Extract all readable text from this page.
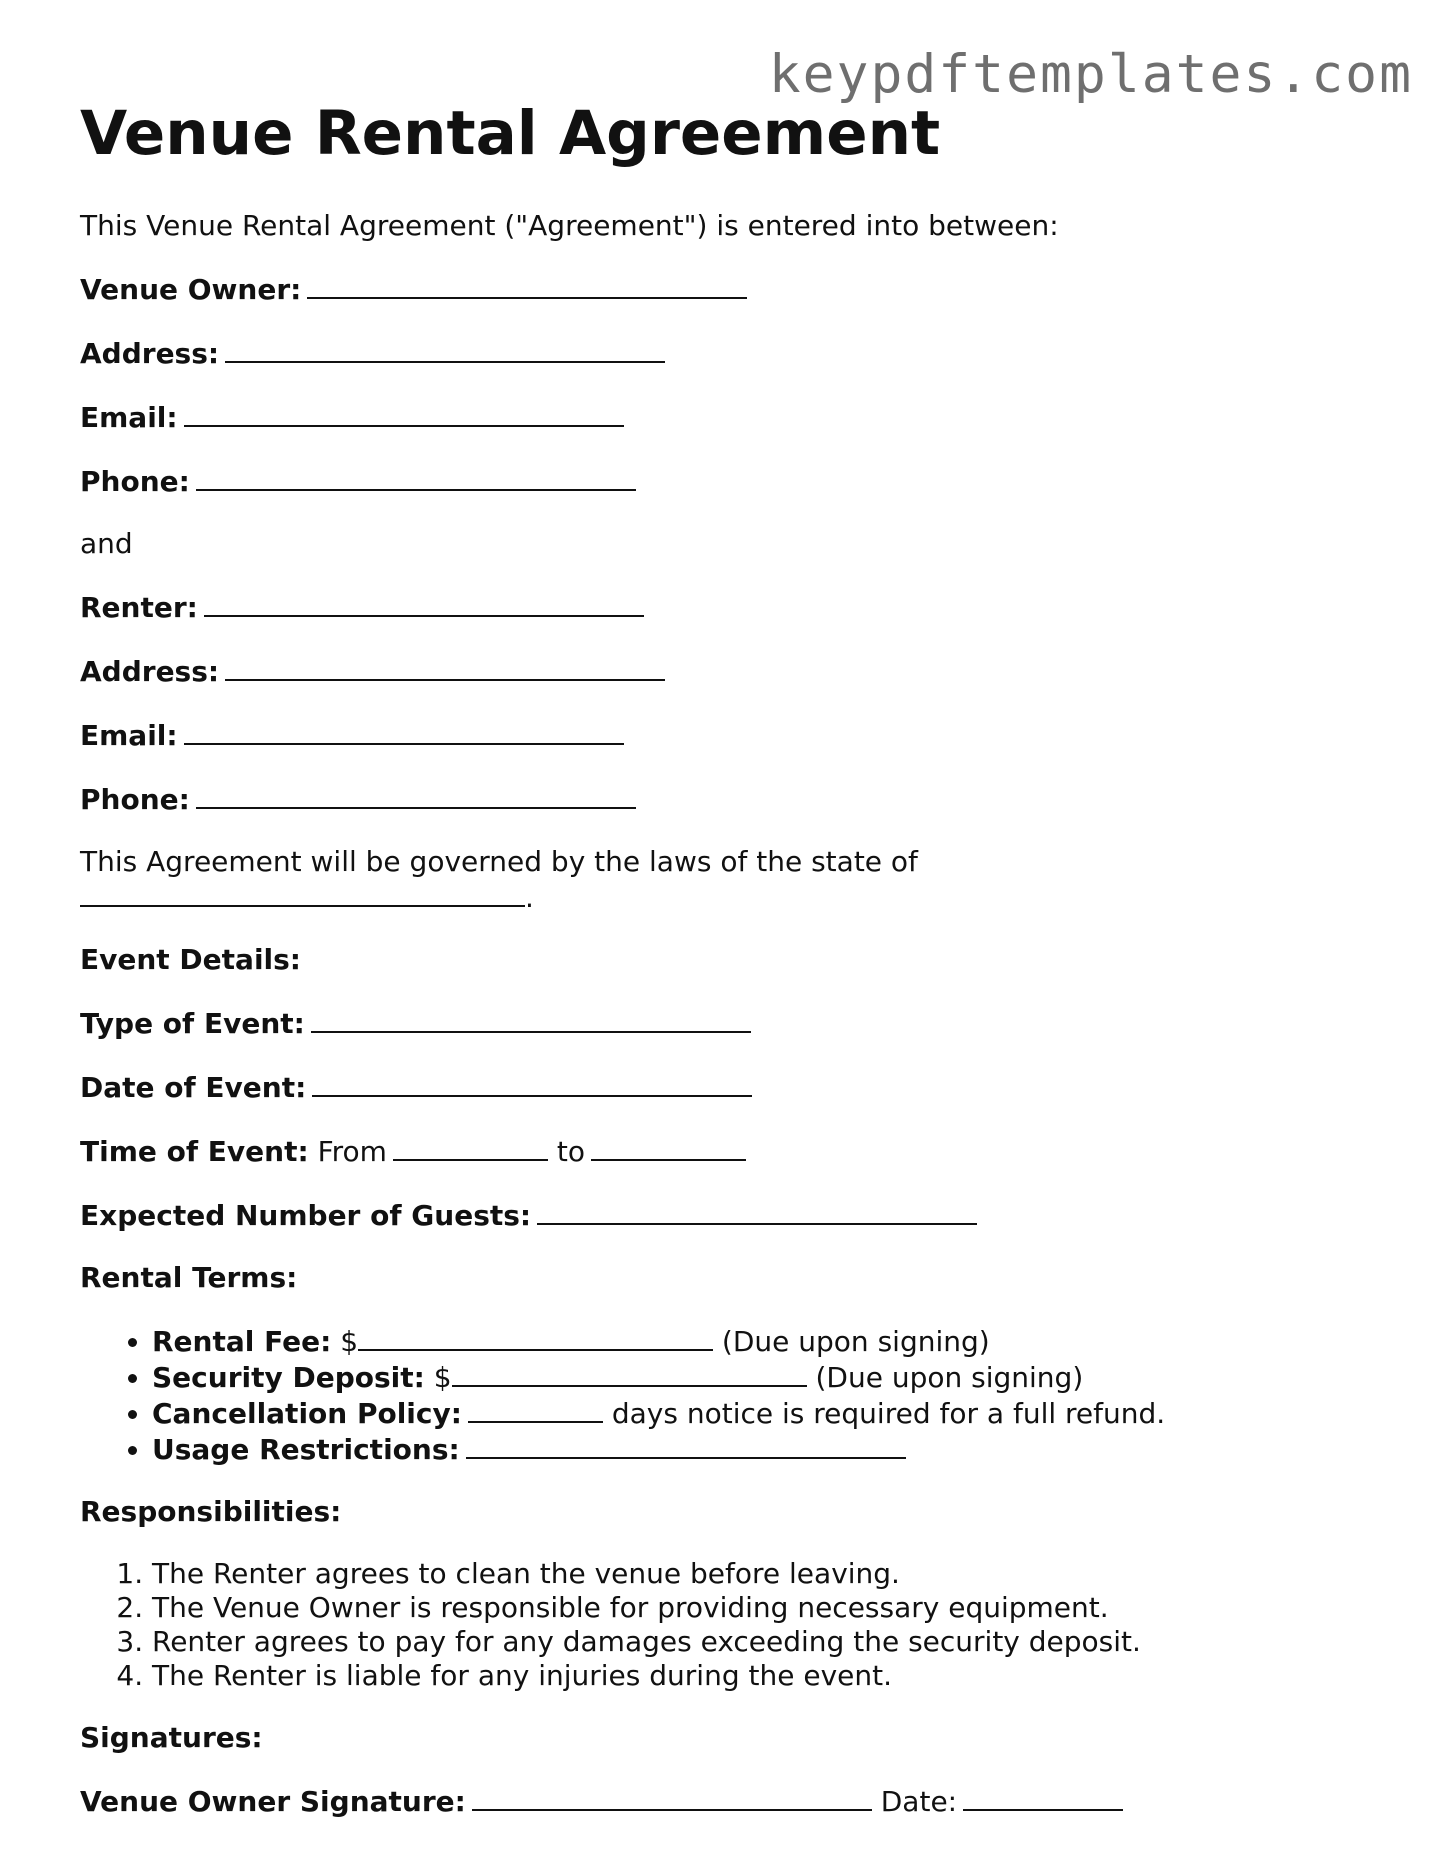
keypdftemplates.com
Venue Rental Agreement

This Venue Rental Agreement ("Agreement") is entered into between:

Venue Owner:

Address:

Email:

Phone:

and

Renter:

Address:

Email:

Phone:

This Agreement will be governed by the laws of the state of
.

Event Details:

Type of Event:

Date of Event:

Time of Event: From	to

Expected Number of Guests:

Rental Terms:

• Rental Fee: $	(Due upon signing)
• Security Deposit: $	(Due upon signing)
• Cancellation Policy:	days notice is required for a full refund.
• Usage Restrictions:

Responsibilities:

1. The Renter agrees to clean the venue before leaving.
2. The Venue Owner is responsible for providing necessary equipment.
3. Renter agrees to pay for any damages exceeding the security deposit.
4. The Renter is liable for any injuries during the event.

Signatures:

Venue Owner Signature:	Date:
